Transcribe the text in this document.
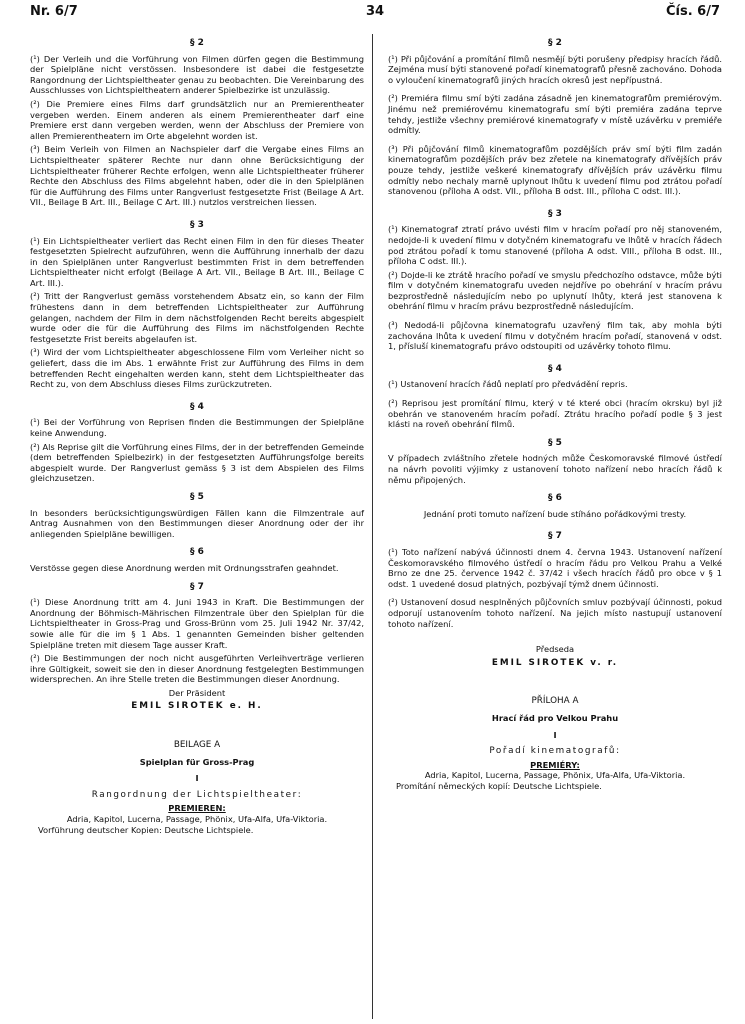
Nr. 6/7	34	Čís. 6/7
§ 2
(¹) Der Verleih und die Vorführung von Filmen dürfen gegen die Bestimmung der Spielpläne nicht verstössen. Insbesondere ist dabei die festgesetzte Rangordnung der Lichtspieltheater genau zu beobachten. Die Vereinbarung des Ausschlusses von Lichtspieltheatern anderer Spielbezirke ist unzulässig.
(²) Die Premiere eines Films darf grundsätzlich nur an Premierentheater vergeben werden. Einem anderen als einem Premierentheater darf eine Premiere erst dann vergeben werden, wenn der Abschluss der Premiere von allen Premierentheatern im Orte abgelehnt worden ist.
(³) Beim Verleih von Filmen an Nachspieler darf die Vergabe eines Films an Lichtspieltheater späterer Rechte nur dann ohne Berücksichtigung der Lichtspieltheater früherer Rechte erfolgen, wenn alle Lichtspieltheater früherer Rechte den Abschluss des Films abgelehnt haben, oder die in den Spielplänen für die Aufführung des Films unter Rangverlust festgesetzte Frist (Beilage A Art. VII., Beilage B Art. III., Beilage C Art. III.) nutzlos verstreichen liessen.
§ 3
(¹) Ein Lichtspieltheater verliert das Recht einen Film in den für dieses Theater festgesetzten Spielrecht aufzuführen, wenn die Aufführung innerhalb der dazu in den Spielplänen unter Rangverlust bestimmten Frist in dem betreffenden Lichtspieltheater nicht erfolgt (Beilage A Art. VII., Beilage B Art. III., Beilage C Art. III.).
(²) Tritt der Rangverlust gemäss vorstehendem Absatz ein, so kann der Film frühestens dann in dem betreffenden Lichtspieltheater zur Aufführung gelangen, nachdem der Film in dem nächstfolgenden Recht bereits abgespielt wurde oder die für die Aufführung des Films im nächstfolgenden Rechte festgesetzte Frist bereits abgelaufen ist.
(³) Wird der vom Lichtspieltheater abgeschlossene Film vom Verleiher nicht so geliefert, dass die im Abs. 1 erwähnte Frist zur Aufführung des Films in dem betreffenden Recht eingehalten werden kann, steht dem Lichtspieltheater das Recht zu, von dem Abschluss dieses Films zurückzutreten.
§ 4
(¹) Bei der Vorführung von Reprisen finden die Bestimmungen der Spielpläne keine Anwendung.
(²) Als Reprise gilt die Vorführung eines Films, der in der betreffenden Gemeinde (dem betreffenden Spielbezirk) in der festgesetzten Aufführungsfolge bereits abgespielt wurde. Der Rangverlust gemäss § 3 ist dem Abspielen des Films gleichzusetzen.
§ 5
In besonders berücksichtigungswürdigen Fällen kann die Filmzentrale auf Antrag Ausnahmen von den Bestimmungen dieser Anordnung oder der ihr anliegenden Spielpläne bewilligen.
§ 6
Verstösse gegen diese Anordnung werden mit Ordnungsstrafen geahndet.
§ 7
(¹) Diese Anordnung tritt am 4. Juni 1943 in Kraft. Die Bestimmungen der Anordnung der Böhmisch-Mährischen Filmzentrale über den Spielplan für die Lichtspieltheater in Gross-Prag und Gross-Brünn vom 25. Juli 1942 Nr. 37/42, sowie alle für die im § 1 Abs. 1 genannten Gemeinden bisher geltenden Spielpläne treten mit diesem Tage ausser Kraft.
(²) Die Bestimmungen der noch nicht ausgeführten Verleihverträge verlieren ihre Gültigkeit, soweit sie den in dieser Anordnung festgelegten Bestimmungen widersprechen. An ihre Stelle treten die Bestimmungen dieser Anordnung.
Der Präsident
EMIL SIROTEK e. H.
BEILAGE A
Spielplan für Gross-Prag
I
Rangordnung der Lichtspieltheater:
PREMIEREN:
Adria, Kapitol, Lucerna, Passage, Phönix, Ufa-Alfa, Ufa-Viktoria.
Vorführung deutscher Kopien: Deutsche Lichtspiele.
§ 2
(¹) Při půjčování a promítání filmů nesmějí býti porušeny předpisy hracích řádů. Zejména musí býti stanovené pořadí kinematografů přesně zachováno. Dohoda o vyloučení kinematografů jiných hracích okresů jest nepřípustná.
(²) Premiéra filmu smí býti zadána zásadně jen kinematografům premiérovým. Jinému než premiérovému kinematografu smí býti premiéra zadána teprve tehdy, jestliže všechny premiérové kinematografy v místě uzávěrku v premiéře odmítly.
(³) Při půjčování filmů kinematografům pozdějších práv smí býti film zadán kinematografům pozdějších práv bez zřetele na kinematografy dřívějších práv pouze tehdy, jestliže veškeré kinematografy dřívějších práv uzávěrku filmu odmítly nebo nechaly marně uplynout lhůtu k uvedení filmu pod ztrátou pořadí stanovenou (příloha A odst. VII., příloha B odst. III., příloha C odst. III.).
§ 3
(¹) Kinematograf ztratí právo uvésti film v hracím pořadí pro něj stanoveném, nedojde-li k uvedení filmu v dotyčném kinematografu ve lhůtě v hracích řádech pod ztrátou pořadí k tomu stanovené (příloha A odst. VIII., příloha B odst. III., příloha C odst. III.).
(²) Dojde-li ke ztrátě hracího pořadí ve smyslu předchozího odstavce, může býti film v dotyčném kinematografu uveden nejdříve po obehrání v hracím právu bezprostředně následujícím nebo po uplynutí lhůty, která jest stanovena k obehrání filmu v hracím právu bezprostředně následujícím.
(³) Nedodá-li půjčovna kinematografu uzavřený film tak, aby mohla býti zachována lhůta k uvedení filmu v dotyčném hracím pořadí, stanovená v odst. 1, přísluší kinematografu právo odstoupiti od uzávěrky tohoto filmu.
§ 4
(¹) Ustanovení hracích řádů neplatí pro předvádění repris.
(²) Reprisou jest promítání filmu, který v té které obci (hracím okrsku) byl již obehrán ve stanoveném hracím pořadí. Ztrátu hracího pořadí podle § 3 jest klásti na roveň obehrání filmů.
§ 5
V případech zvláštního zřetele hodných může Českomoravské filmové ústředí na návrh povoliti výjimky z ustanovení tohoto nařízení nebo hracích řádů k němu připojených.
§ 6
Jednání proti tomuto nařízení bude stíháno pořádkovými tresty.
§ 7
(¹) Toto nařízení nabývá účinnosti dnem 4. června 1943. Ustanovení nařízení Českomoravského filmového ústředí o hracím řádu pro Velkou Prahu a Velké Brno ze dne 25. července 1942 č. 37/42 i všech hracích řádů pro obce v § 1 odst. 1 uvedené dosud platných, pozbývají týmž dnem účinnosti.
(²) Ustanovení dosud nesplněných půjčovních smluv pozbývají účinnosti, pokud odporují ustanovením tohoto nařízení. Na jejich místo nastupují ustanovení tohoto nařízení.
Předseda
EMIL SIROTEK v. r.
PŘÍLOHA A
Hrací řád pro Velkou Prahu
I
Pořadí kinematografů:
PREMIÉRY:
Adria, Kapitol, Lucerna, Passage, Phönix, Ufa-Alfa, Ufa-Viktoria.
Promítání německých kopií: Deutsche Lichtspiele.
